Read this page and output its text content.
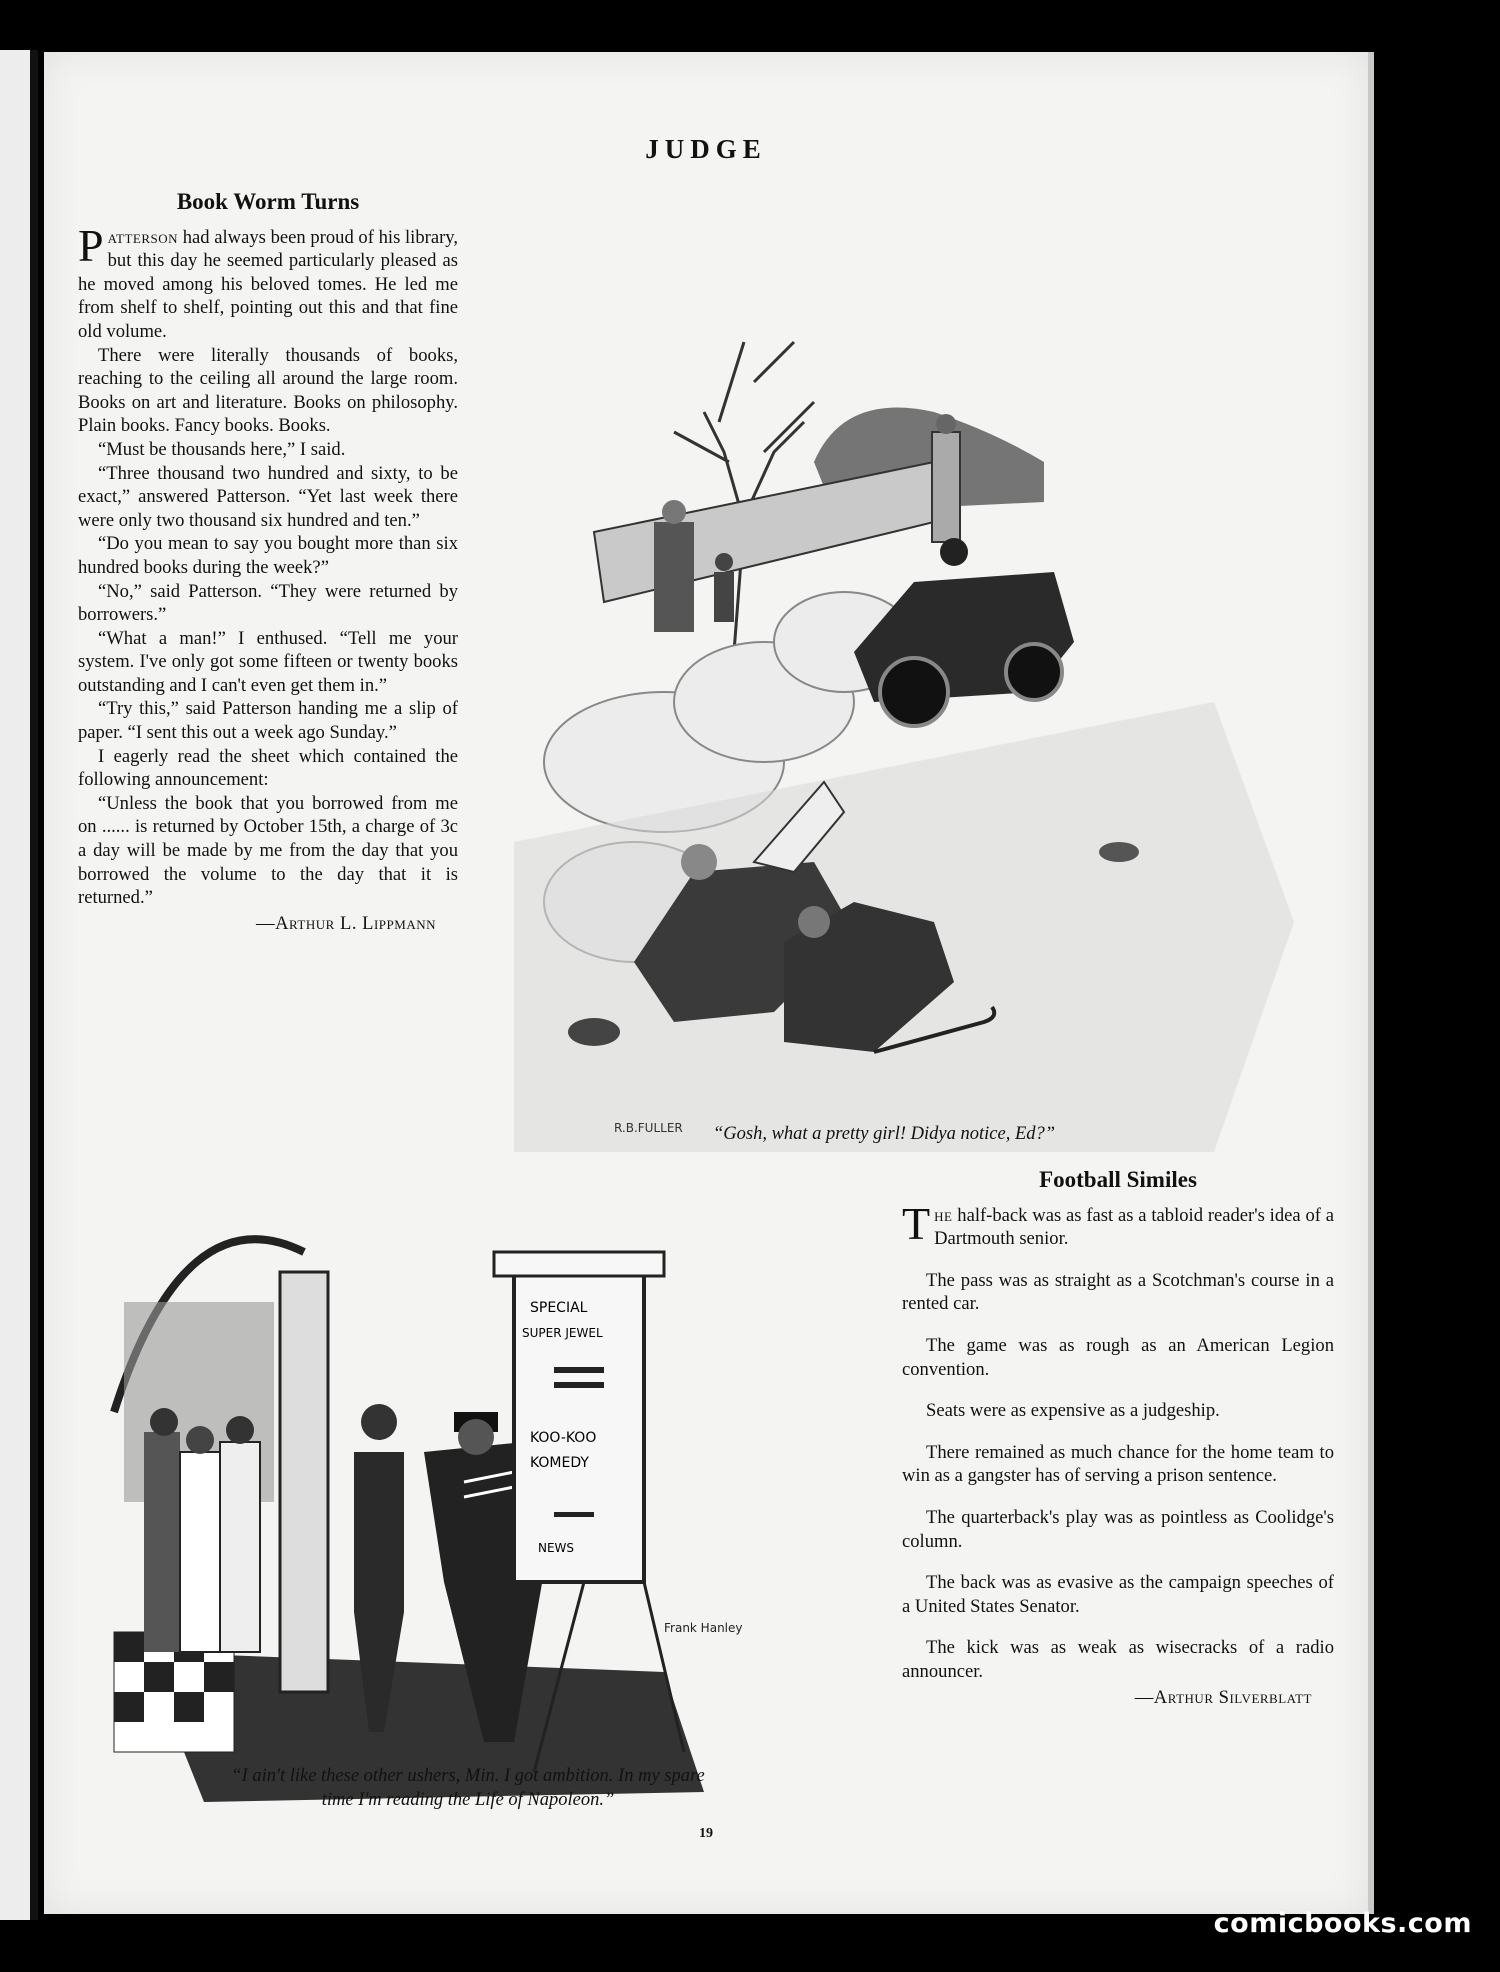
JUDGE
Book Worm Turns

Patterson had always been proud of his library, but this day he seemed particularly pleased as he moved among his beloved tomes. He led me from shelf to shelf, pointing out this and that fine old volume.

There were literally thousands of books, reaching to the ceiling all around the large room. Books on art and literature. Books on philosophy. Plain books. Fancy books. Books.

“Must be thousands here,” I said.

“Three thousand two hundred and sixty, to be exact,” answered Patterson. “Yet last week there were only two thousand six hundred and ten.”

“Do you mean to say you bought more than six hundred books during the week?”

“No,” said Patterson. “They were returned by borrowers.”

“What a man!” I enthused. “Tell me your system. I've only got some fifteen or twenty books outstanding and I can't even get them in.”

“Try this,” said Patterson handing me a slip of paper. “I sent this out a week ago Sunday.”

I eagerly read the sheet which contained the following announcement:

“Unless the book that you borrowed from me on ...... is returned by October 15th, a charge of 3c a day will be made by me from the day that you borrowed the volume to the day that it is returned.”

—Arthur L. Lippmann
R.B.FULLER	“Gosh, what a pretty girl! Didya notice, Ed?”
SPECIAL
SUPER JEWEL
KOO-KOO
KOMEDY
NEWS
Frank Hanley
“I ain't like these other ushers, Min. I got ambition. In my spare
time I'm reading the Life of Napoleon.”
Football Similes

The half-back was as fast as a tabloid reader's idea of a Dartmouth senior.

The pass was as straight as a Scotchman's course in a rented car.

The game was as rough as an American Legion convention.

Seats were as expensive as a judgeship.

There remained as much chance for the home team to win as a gangster has of serving a prison sentence.

The quarterback's play was as pointless as Coolidge's column.

The back was as evasive as the campaign speeches of a United States Senator.

The kick was as weak as wisecracks of a radio announcer.

—Arthur Silverblatt
19
comicbooks.com
